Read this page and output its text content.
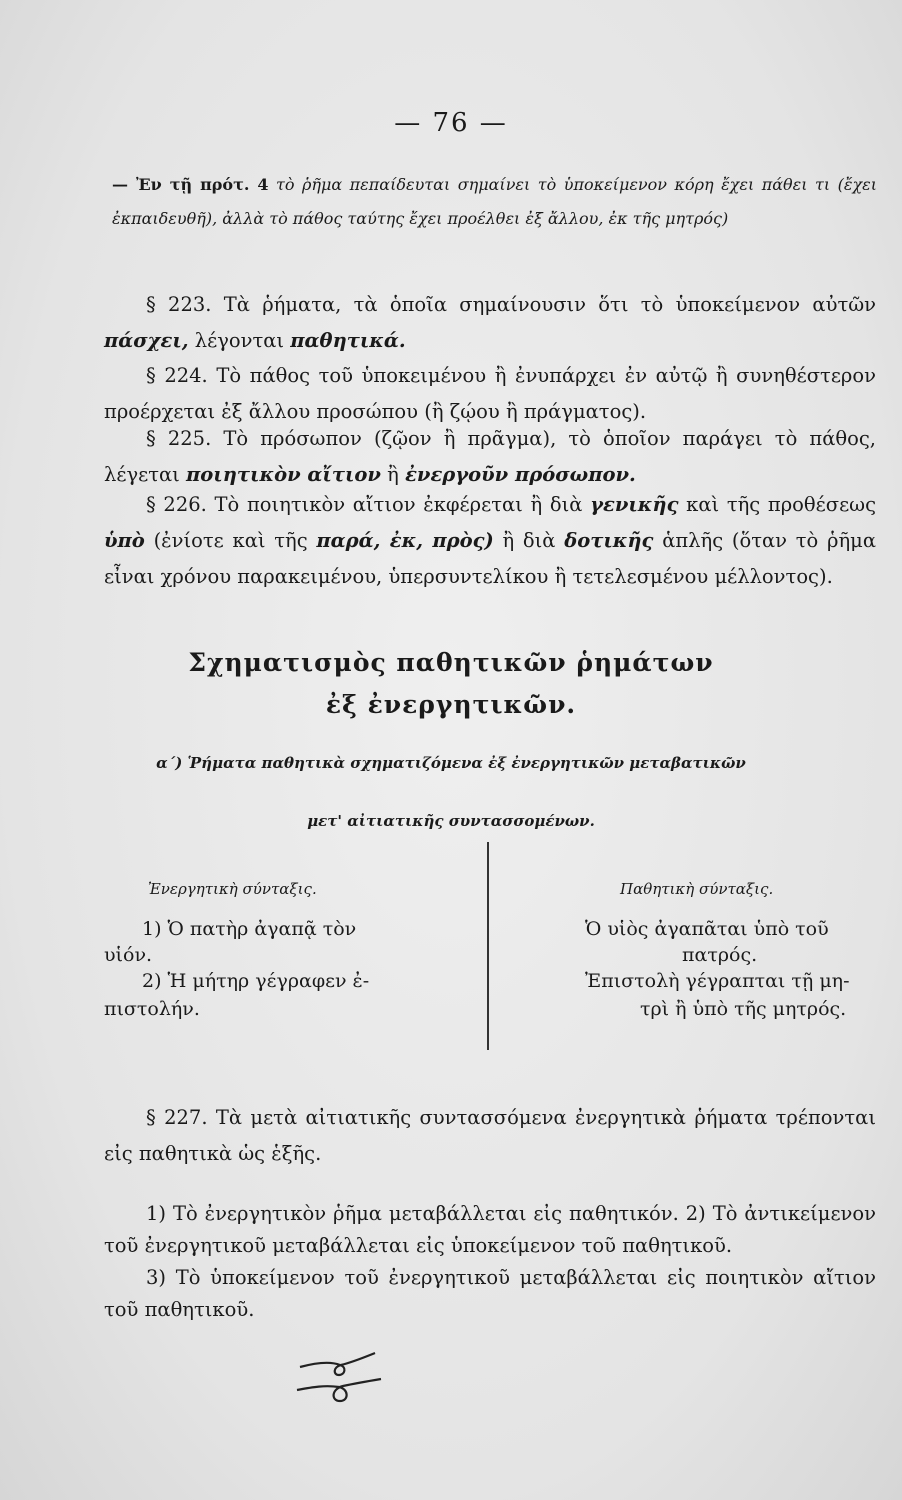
— 76 —
— Ἐν τῇ πρότ. 4 τὸ ῥῆμα πεπαίδευται σημαίνει τὸ ὑποκείμενον κόρη ἔχει πάθει τι (ἔχει ἐκπαιδευθῆ), ἀλλὰ τὸ πάθος ταύτης ἔχει προέλθει ἐξ ἄλλου, ἐκ τῆς μητρός)
§ 223. Τὰ ῥήματα, τὰ ὁποῖα σημαίνουσιν ὅτι τὸ ὑποκείμενον αὐτῶν πάσχει, λέγονται παθητικά.
§ 224. Τὸ πάθος τοῦ ὑποκειμένου ἢ ἐνυπάρχει ἐν αὐτῷ ἢ συνηθέστερον προέρχεται ἐξ ἄλλου προσώπου (ἢ ζῴου ἢ πράγματος).
§ 225. Τὸ πρόσωπον (ζῷον ἢ πρᾶγμα), τὸ ὁποῖον παράγει τὸ πάθος, λέγεται ποιητικὸν αἴτιον ἢ ἐνεργοῦν πρόσωπον.
§ 226. Τὸ ποιητικὸν αἴτιον ἐκφέρεται ἢ διὰ γενικῆς καὶ τῆς προθέσεως ὑπὸ (ἐνίοτε καὶ τῆς παρά, ἐκ, πρὸς) ἢ διὰ δοτικῆς ἁπλῆς (ὅταν τὸ ῥῆμα εἶναι χρόνου παρακειμένου, ὑπερσυντελίκου ἢ τετελεσμένου μέλλοντος).
Σχηματισμὸς παθητικῶν ῥημάτων
ἐξ ἐνεργητικῶν.
α΄) Ῥήματα παθητικὰ σχηματιζόμενα ἐξ ἐνεργητικῶν μεταβατικῶν
μετ' αἰτιατικῆς συντασσομένων.
Ἐνεργητικὴ σύνταξις.	Παθητικὴ σύνταξις.
1) Ὁ πατὴρ ἀγαπᾷ τὸν
υἱόν.
2) Ἡ μήτηρ γέγραφεν ἐ-
πιστολήν.
Ὁ υἱὸς ἀγαπᾶται ὑπὸ τοῦ
πατρός.
Ἐπιστολὴ γέγραπται τῇ μη-
τρὶ ἢ ὑπὸ τῆς μητρός.
§ 227. Τὰ μετὰ αἰτιατικῆς συντασσόμενα ἐνεργητικὰ ῥήματα τρέπονται εἰς παθητικὰ ὡς ἑξῆς.
1) Τὸ ἐνεργητικὸν ῥῆμα μεταβάλλεται εἰς παθητικόν. 2) Τὸ ἀντικείμενον τοῦ ἐνεργητικοῦ μεταβάλλεται εἰς ὑποκείμενον τοῦ παθητικοῦ.
3) Τὸ ὑποκείμενον τοῦ ἐνεργητικοῦ μεταβάλλεται εἰς ποιητικὸν αἴτιον τοῦ παθητικοῦ.
